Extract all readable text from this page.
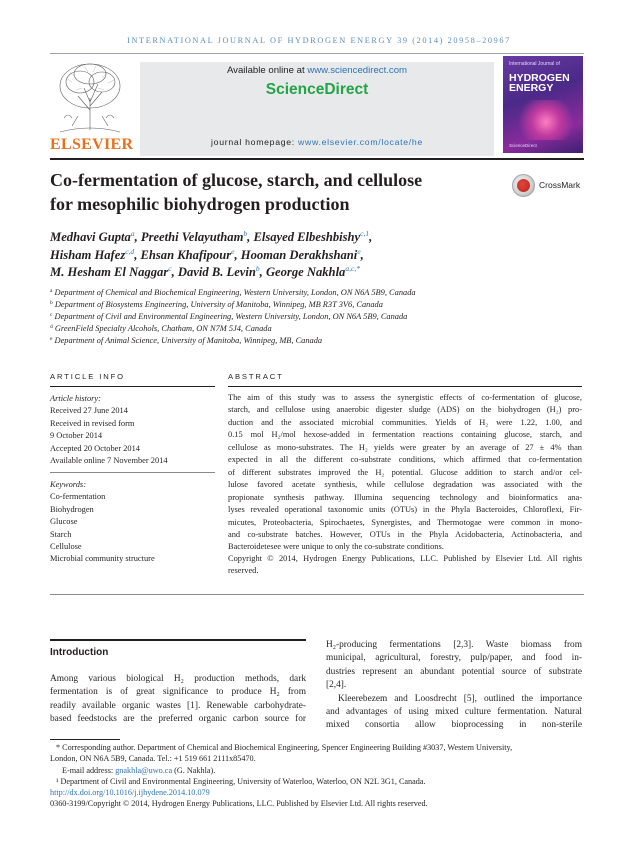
INTERNATIONAL JOURNAL OF HYDROGEN ENERGY 39 (2014) 20958–20967
ELSEVIER
Available online at www.sciencedirect.com
ScienceDirect
journal homepage: www.elsevier.com/locate/he
International Journal of
HYDROGEN
ENERGY
ScienceDirect
Co-fermentation of glucose, starch, and cellulose
for mesophilic biohydrogen production
CrossMark
Medhavi Gupta$^a$, Preethi Velayutham$^b$, Elsayed Elbeshbishy$^{c,1}$,
Hisham Hafez$^{c,d}$, Ehsan Khafipour$^e$, Hooman Derakhshani$^e$,
M. Hesham El Naggar$^c$, David B. Levin$^b$, George Nakhla$^{a,c,*}$
$^a$ Department of Chemical and Biochemical Engineering, Western University, London, ON N6A 5B9, Canada
$^b$ Department of Biosystems Engineering, University of Manitoba, Winnipeg, MB R3T 3V6, Canada
$^c$ Department of Civil and Environmental Engineering, Western University, London, ON N6A 5B9, Canada
$^d$ GreenField Specialty Alcohols, Chatham, ON N7M 5J4, Canada
$^e$ Department of Animal Science, University of Manitoba, Winnipeg, MB, Canada
ARTICLE INFO
Article history:
Received 27 June 2014
Received in revised form
9 October 2014
Accepted 20 October 2014
Available online 7 November 2014
Keywords:
Co-fermentation
Biohydrogen
Glucose
Starch
Cellulose
Microbial community structure
ABSTRACT

The aim of this study was to assess the synergistic effects of co-fermentation of glucose,

starch, and cellulose using anaerobic digester sludge (ADS) on the biohydrogen (H₂) pro-

duction and the associated microbial communities. Yields of H₂ were 1.22, 1.00, and

0.15 mol H₂/mol hexose-added in fermentation reactions containing glucose, starch, and

cellulose as mono-substrates. The H₂ yields were greater by an average of 27 ± 4% than

expected in all the different co-substrate conditions, which affirmed that co-fermentation

of different substrates improved the H₂ potential. Glucose addition to starch and/or cel-

lulose favored acetate synthesis, while cellulose degradation was associated with the

propionate synthesis pathway. Illumina sequencing technology and bioinformatics ana-

lyses revealed operational taxonomic units (OTUs) in the Phyla Bacteroides, Chloroflexi, Fir-

micutes, Proteobacteria, Spirochaetes, Synergistes, and Thermotogae were common in mono-

and co-substrate batches. However, OTUs in the Phyla Acidobacteria, Actinobacteria, and

Bacteroidetesee were unique to only the co-substrate conditions.

Copyright © 2014, Hydrogen Energy Publications, LLC. Published by Elsevier Ltd. All rights

reserved.

Introduction

Among various biological H₂ production methods, dark

fermentation is of great significance to produce H₂ from

readily available organic wastes [1]. Renewable carbohydrate-

based feedstocks are the preferred organic carbon source for

H₂-producing fermentations [2,3]. Waste biomass from

municipal, agricultural, forestry, pulp/paper, and food in-

dustries represent an abundant potential source of substrate

[2,4].

Kleerebezem and Loosdrecht [5], outlined the importance

and advantages of using mixed culture fermentation. Natural

mixed consortia allow bioprocessing in non-sterile

* Corresponding author. Department of Chemical and Biochemical Engineering, Spencer Engineering Building #3037, Western University,

London, ON N6A 5B9, Canada. Tel.: +1 519 661 2111x85470.

E-mail address: gnakhla@uwo.ca (G. Nakhla).

¹ Department of Civil and Environmental Engineering, University of Waterloo, Waterloo, ON N2L 3G1, Canada.

http://dx.doi.org/10.1016/j.ijhydene.2014.10.079

0360-3199/Copyright © 2014, Hydrogen Energy Publications, LLC. Published by Elsevier Ltd. All rights reserved.
